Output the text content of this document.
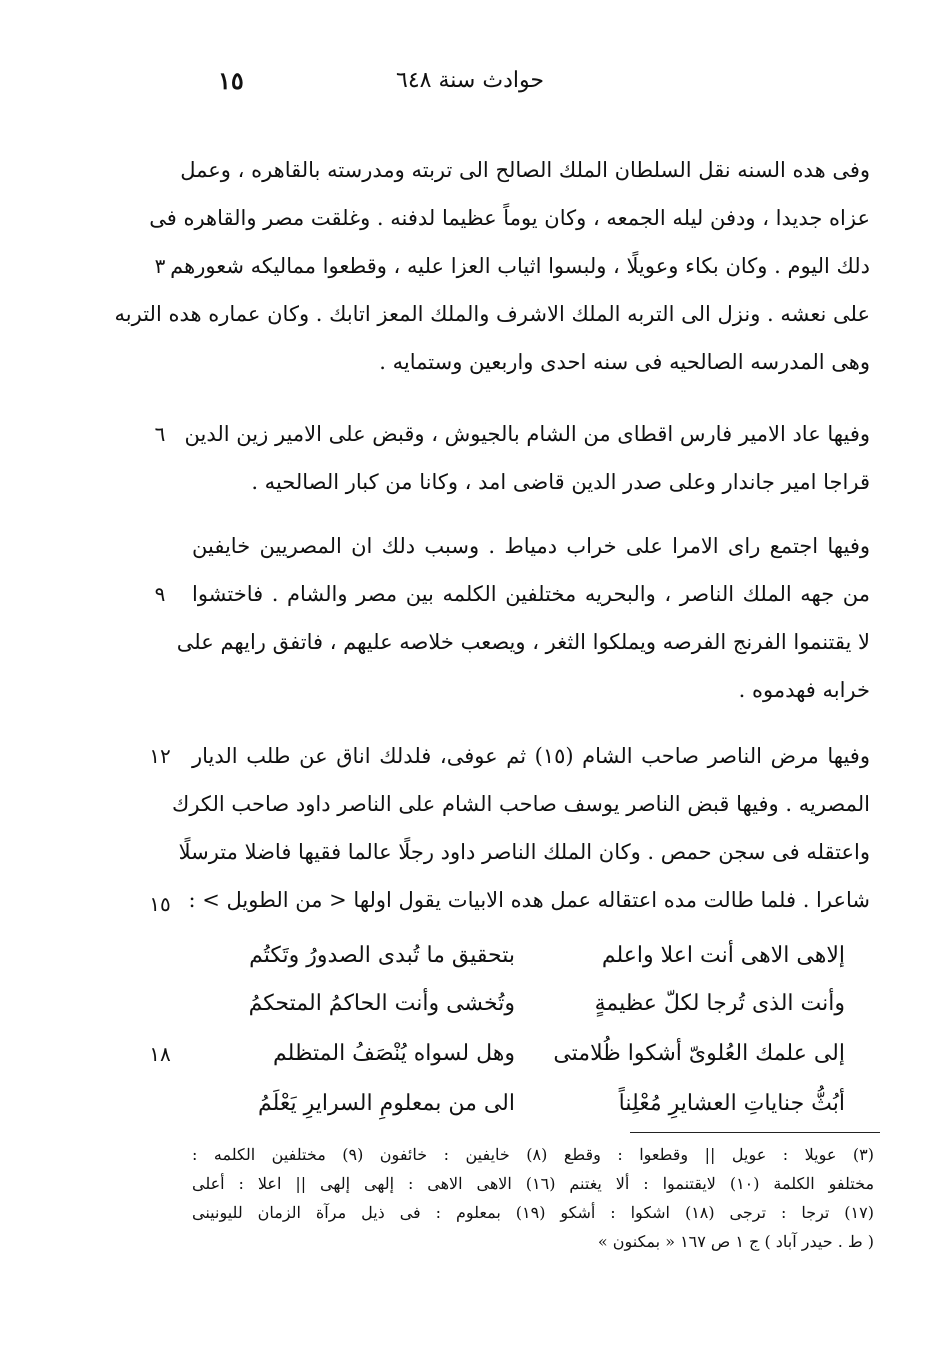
حوادث سنة ٦٤٨
١٥
وفى هده السنه نقل السلطان الملك الصالح الى تربته ومدرسته بالقاهره ، وعمل
عزاه جديدا ، ودفن ليله الجمعه ، وكان يوماً عظيما لدفنه . وغلقت مصر والقاهره فى
دلك اليوم . وكان بكاء وعويلًا ، ولبسوا اثياب العزا عليه ، وقطعوا مماليكه شعورهم
على نعشه . ونزل الى التربه الملك الاشرف والملك المعز اتابك . وكان عماره هده التربه
وهى المدرسه الصالحيه فى سنه احدى واربعين وستمايه .
وفيها عاد الامير فارس اقطاى من الشام بالجيوش ، وقبض على الامير زين الدين
قراجا امير جاندار وعلى صدر الدين قاضى امد ، وكانا من كبار الصالحيه .
وفيها اجتمع راى الامرا على خراب دمياط . وسبب دلك ان المصريين خايفين
من جهه الملك الناصر ، والبحريه مختلفين الكلمه بين مصر والشام . فاختشوا
لا يقتنموا الفرنج الفرصه ويملكوا الثغر ، ويصعب خلاصه عليهم ، فاتفق رايهم على
خرابه فهدموه .
وفيها مرض الناصر صاحب الشام (١٥) ثم عوفى، فلدلك اناق عن طلب الديار
المصريه . وفيها قبض الناصر يوسف صاحب الشام على الناصر داود صاحب الكرك
واعتقله فى سجن حمص . وكان الملك الناصر داود رجلًا عالما فقيها فاضلا مترسلًا
شاعرا . فلما طالت مده اعتقاله عمل هده الابيات يقول اولها < من الطويل > :
إلاهى الاهى أنت اعلا واعلم
بتحقيق ما تُبدى الصدورُ وتَكتُم
وأنت الذى تُرجا لكلّ عظيمةٍ
وتُخشى وأنت الحاكمُ المتحكمُ
إلى علمك العُلوىّ أشكوا ظُلامتى
وهل لسواه يُنْصَفُ المتظلم
أبُثُّ جناياتِ العشايرِ مُعْلِناً
الى من بمعلومِ السرايرِ يَعْلَمُ
٣
٦
٩
١٢
١٥
١٨
(٣) عويلا : عويل || وقطعوا : وقطع (٨) خايفين : خائفون (٩) مختلفين الكلمه :
مختلفو الكلمة (١٠) لايقتنموا : ألا يغتنم (١٦) الاهى الاهى : إلهى إلهى || اعلا : أعلى
(١٧) ترجا : ترجى (١٨) اشكوا : أشكو (١٩) بمعلوم : فى ذيل مرآة الزمان لليونينى
( ط . حيدر آباد ) ج ١ ص ١٦٧ « بمكنون »
